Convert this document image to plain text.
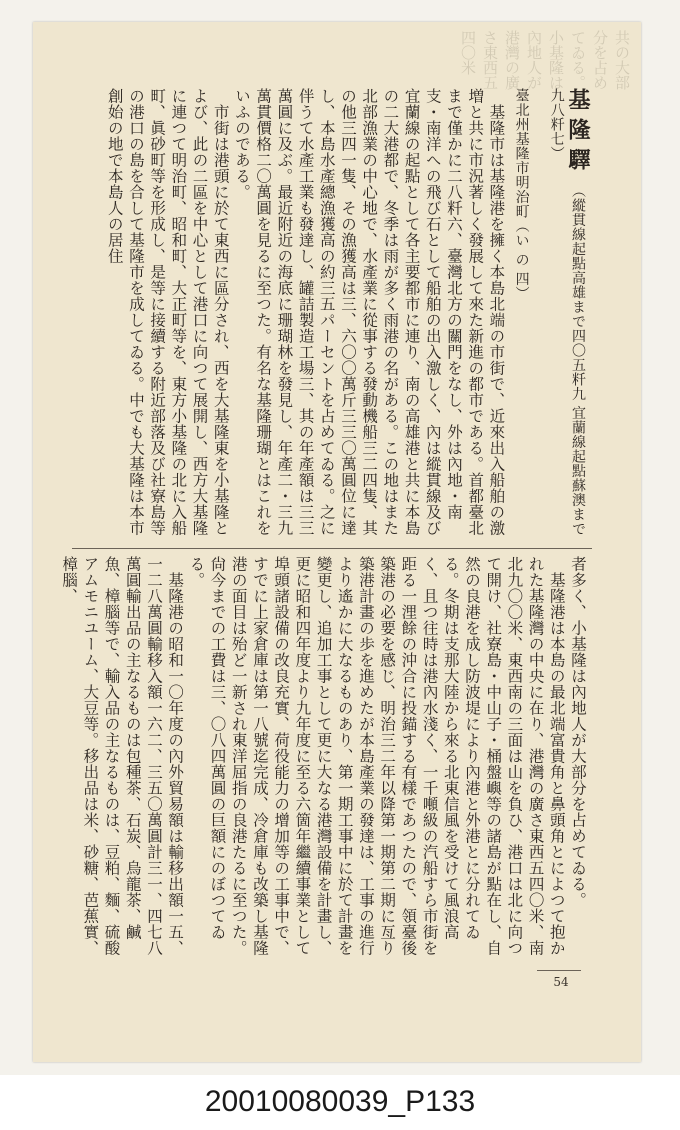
共の大部分を占めてゐる。小基隆は內地人が 港灣の廣さ東西五四〇米
基隆驛 （縱貫線起點高雄まで四〇五粁九 宜蘭線起點蘇澳まで 九八粁七）

臺北州基隆市明治町（い の 四）

基隆市は基隆港を擁く本島北端の市街で、近來出入船舶の激増と共に市況著しく發展して來た新進の都市である。首都臺北まで僅かに二八粁六、臺灣北方の關門をなし、外は內地・南支・南洋への飛び石として船舶の出入激しく、內は縱貫線及び宜蘭線の起點として各主要都市に連り、南の高雄港と共に本島の二大港都で、冬季は雨が多く雨港の名がある。この地はまた北部漁業の中心地で、水產業に從事する發動機船三二四隻、其の他三四一隻、その漁獲高は三、六〇〇萬斤三三〇萬圓位に達し、本島水產總漁獲高の約三五パーセントを占めてゐる。之に伴うて水產工業も發達し、罐詰製造工場三、其の年產額は三三萬圓に及ぶ。最近附近の海底に珊瑚林を發見し、年產二・三九萬貫價格二〇萬圓を見るに至つた。有名な基隆珊瑚とはこれをいふのである。

市街は港頭に於て東西に區分され、西を大基隆東を小基隆とよび、此の二區を中心として港口に向つて展開し、西方大基隆に連つて明治町、昭和町、大正町等を、東方小基隆の北に入船町、眞砂町等を形成し、是等に接續する附近部落及び社寮島等の港口の島を合して基隆市を成してゐる。中でも大基隆は本市創始の地で本島人の居住

者多く、小基隆は內地人が大部分を占めてゐる。

基隆港は本島の最北端富貴角と鼻頭角とによつて抱かれた基隆灣の中央に在り、港灣の廣さ東西五四〇米、南北九〇〇米、東西南の三面は山を負ひ、港口は北に向つて開け、社寮島・中山子・桶盤嶼等の諸島が點在し、自然の良港を成し防波堤により內港と外港とに分れてゐる。冬期は支那大陸から來る北東信風を受けて風浪高く、且つ往時は港內水淺く、一千噸級の汽船すら市街を距る一浬餘の沖合に投錨する有樣であつたので、領臺後築港の必要を感じ、明治三二年以降第一期第二期に亙り築港計畫の歩を進めたが本島產業の發達は、工事の進行より遙かに大なるものあり、第一期工事中に於て計畫を變更し、追加工事として更に大なる港灣設備を計畫し、更に昭和四年度より九年度に至る六箇年繼續事業として埠頭諸設備の改良充實、荷役能力の增加等の工事中で、すでに上家倉庫は第一八號迄完成、冷倉庫も改築し基隆港の面目は殆ど一新され東洋屈指の良港たるに至つた。尙今までの工費は三、〇八四萬圓の巨額にのぼつてゐる。

基隆港の昭和一〇年度の內外貿易額は輸移出額一五、一二八萬圓輸移入額一六二、三五〇萬圓計三一、四七八萬圓輸出品の主なるものは包種茶、石炭、烏龍茶、鹹魚、樟腦等で、輸入品の主なるものは、豆粕、麵、硫酸アムモニユーム、大豆等。移出品は米、砂糖、芭蕉實、樟腦、

54
20010080039_P133
